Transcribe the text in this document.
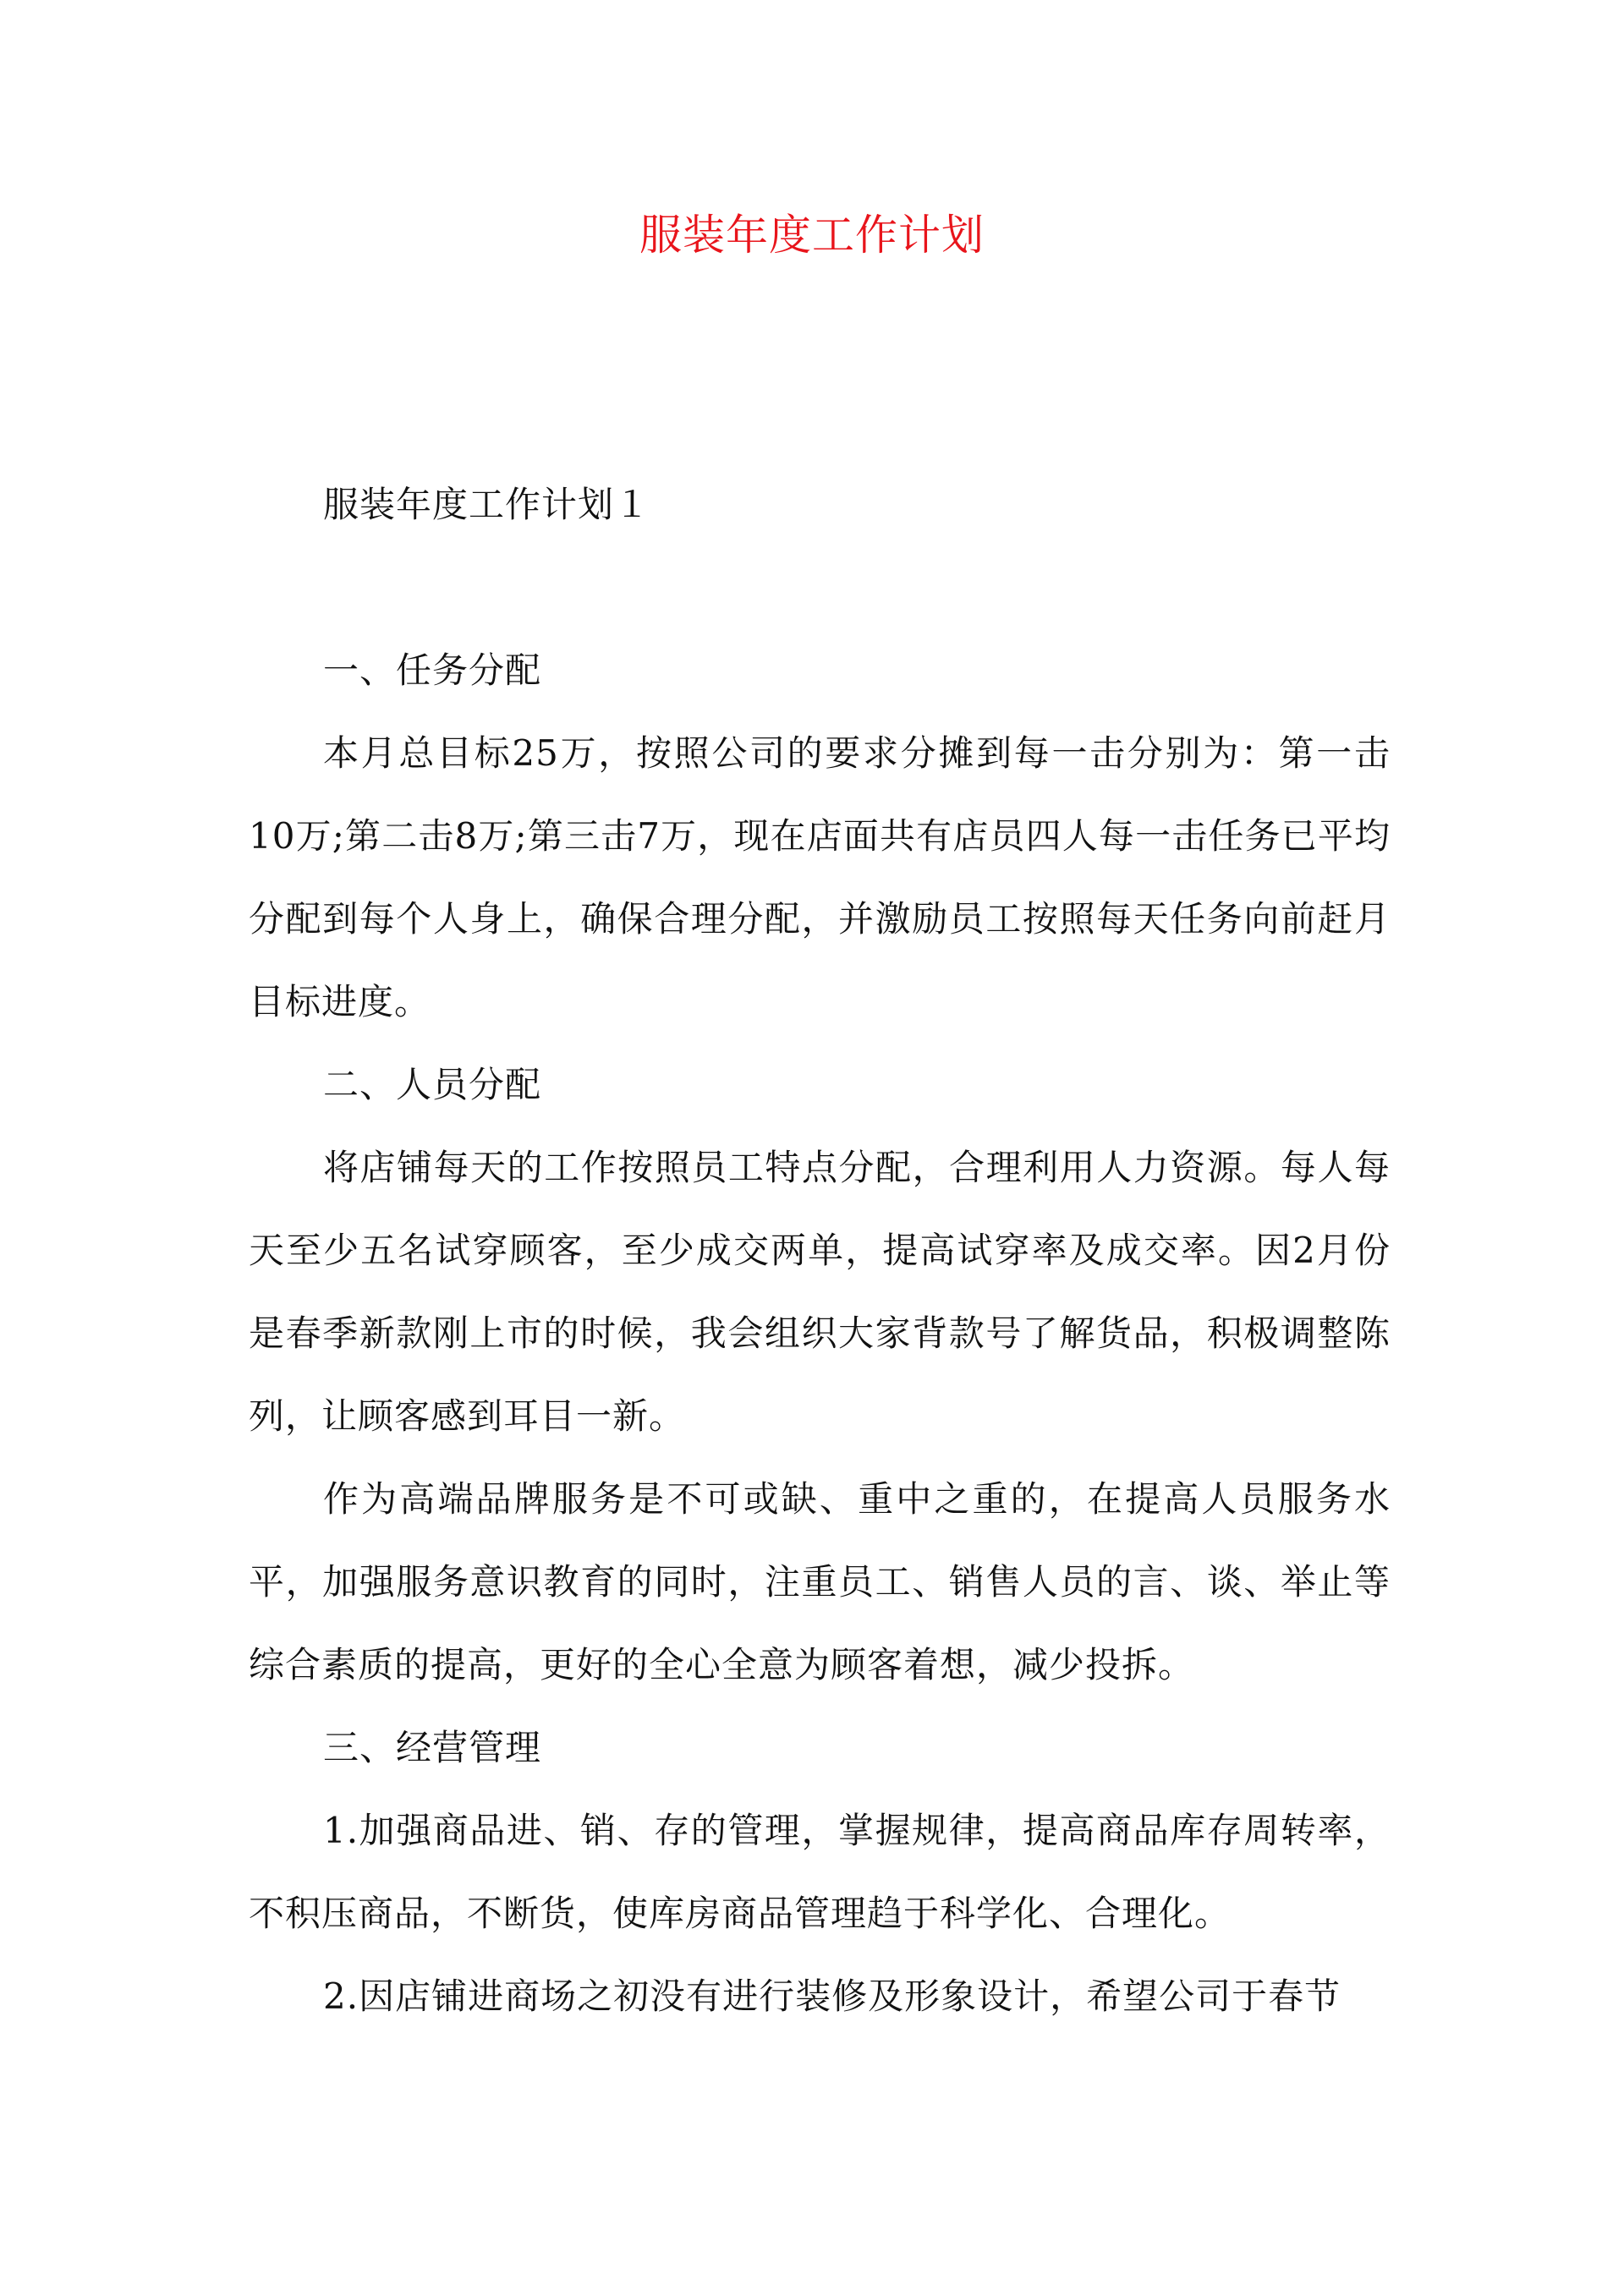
服装年度工作计划

服装年度工作计划１

一、任务分配

本月总目标25万，按照公司的要求分摊到每一击分别为：第一击10万;第二击8万;第三击7万，现在店面共有店员四人每一击任务已平均分配到每个人身上，确保合理分配，并激励员工按照每天任务向前赶月目标进度。

二、人员分配

将店铺每天的工作按照员工特点分配，合理利用人力资源。每人每天至少五名试穿顾客，至少成交两单，提高试穿率及成交率。因2月份是春季新款刚上市的时候，我会组织大家背款号了解货品，积极调整陈列，让顾客感到耳目一新。

作为高端品牌服务是不可或缺、重中之重的，在提高人员服务水平，加强服务意识教育的同时，注重员工、销售人员的言、谈、举止等综合素质的提高，更好的全心全意为顾客着想，减少投拆。

三、经营管理

1.加强商品进、销、存的管理，掌握规律，提高商品库存周转率，不积压商品，不断货，使库房商品管理趋于科学化、合理化。

2.因店铺进商场之初没有进行装修及形象设计，希望公司于春节
